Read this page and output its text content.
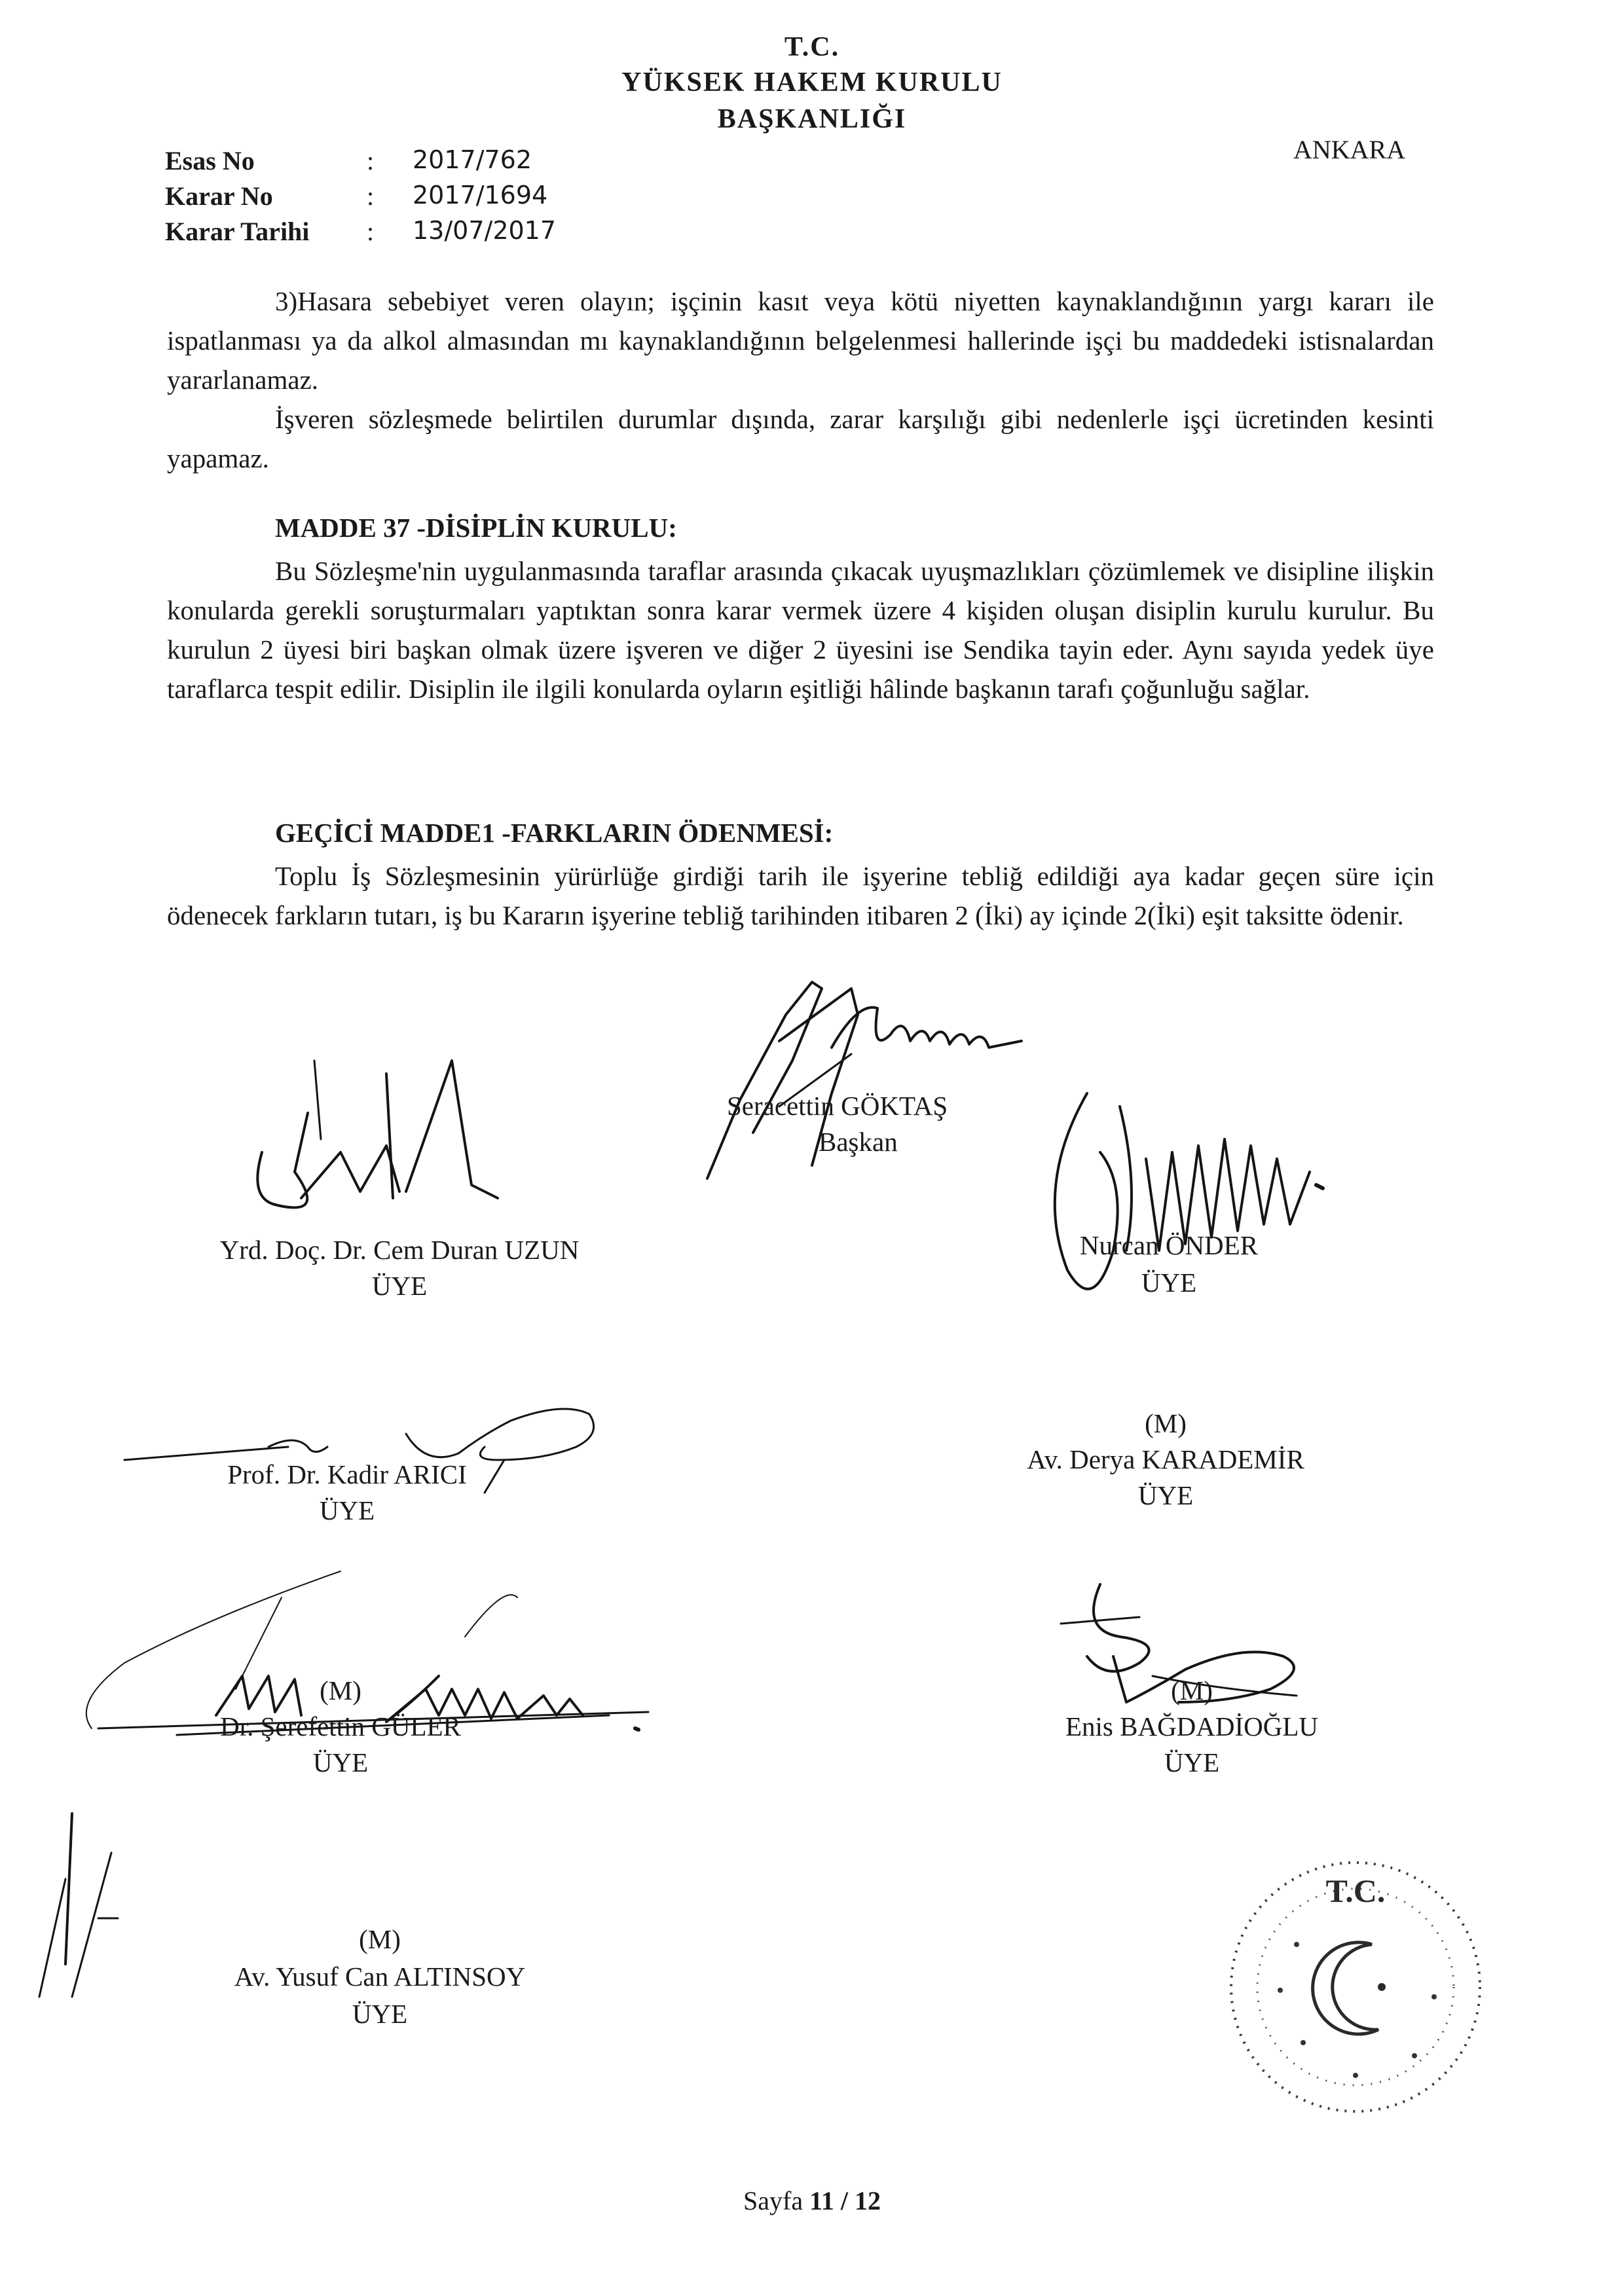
T.C.
YÜKSEK HAKEM KURULU
BAŞKANLIĞI
ANKARA
Esas No	: 2017/762
Karar No	: 2017/1694
Karar Tarihi : 13/07/2017
3)Hasara sebebiyet veren olayın; işçinin kasıt veya kötü niyetten kaynaklandığının yargı kararı ile ispatlanması ya da alkol almasından mı kaynaklandığının belgelenmesi hallerinde işçi bu maddedeki istisnalardan yararlanamaz.
İşveren sözleşmede belirtilen durumlar dışında, zarar karşılığı gibi nedenlerle işçi ücretinden kesinti yapamaz.
MADDE 37 -DİSİPLİN KURULU:
Bu Sözleşme'nin uygulanmasında taraflar arasında çıkacak uyuşmazlıkları çözümlemek ve disipline ilişkin konularda gerekli soruşturmaları yaptıktan sonra karar vermek üzere 4 kişiden oluşan disiplin kurulu kurulur. Bu kurulun 2 üyesi biri başkan olmak üzere işveren ve diğer 2 üyesini ise Sendika tayin eder. Aynı sayıda yedek üye taraflarca tespit edilir. Disiplin ile ilgili konularda oyların eşitliği hâlinde başkanın tarafı çoğunluğu sağlar.
GEÇİCİ MADDE1 -FARKLARIN ÖDENMESİ:
Toplu İş Sözleşmesinin yürürlüğe girdiği tarih ile işyerine tebliğ edildiği aya kadar geçen süre için ödenecek farkların tutarı, iş bu Kararın işyerine tebliğ tarihinden itibaren 2 (İki) ay içinde 2(İki) eşit taksitte ödenir.
Seracettin GÖKTAŞ
Başkan
Yrd. Doç. Dr. Cem Duran UZUN
ÜYE
Nurcan ÖNDER
ÜYE
Prof. Dr. Kadir ARICI
ÜYE
(M)
Av. Derya KARADEMİR
ÜYE
(M)
Dr. Şerefettin GÜLER
ÜYE
(M)
Enis BAĞDADİOĞLU
ÜYE
(M)
Av. Yusuf Can ALTINSOY
ÜYE
T.C.
Sayfa 11 / 12
